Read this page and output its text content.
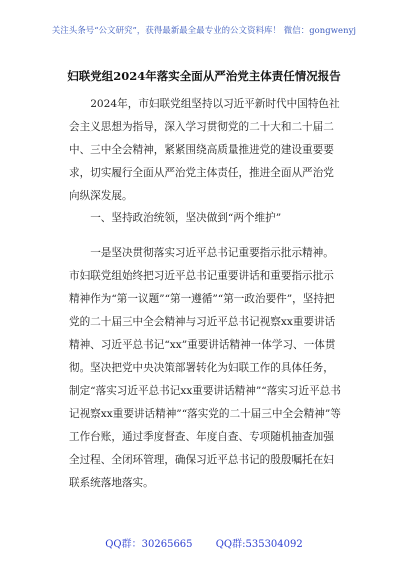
关注头条号“公文研究”，获得最新最全最专业的公文资料库！ 微信：gongwenyj
妇联党组2024年落实全面从严治党主体责任情况报告

2024年，市妇联党组坚持以习近平新时代中国特色社会主义思想为指导，深入学习贯彻党的二十大和二十届二中、三中全会精神，紧紧围绕高质量推进党的建设重要要求，切实履行全面从严治党主体责任，推进全面从严治党向纵深发展。

一、坚持政治统领，坚决做到“两个维护”

一是坚决贯彻落实习近平总书记重要指示批示精神。市妇联党组始终把习近平总书记重要讲话和重要指示批示精神作为“第一议题”“第一遵循”“第一政治要件”，坚持把党的二十届三中全会精神与习近平总书记视察xx重要讲话精神、习近平总书记“xx”重要讲话精神一体学习、一体贯彻。坚决把党中央决策部署转化为妇联工作的具体任务，制定“落实习近平总书记xx重要讲话精神”“落实习近平总书记视察xx重要讲话精神”“落实党的二十届三中全会精神”等工作台账，通过季度督查、年度自查、专项随机抽查加强全过程、全闭环管理，确保习近平总书记的殷殷嘱托在妇联系统落地落实。

QQ群：30265665 QQ群:535304092
